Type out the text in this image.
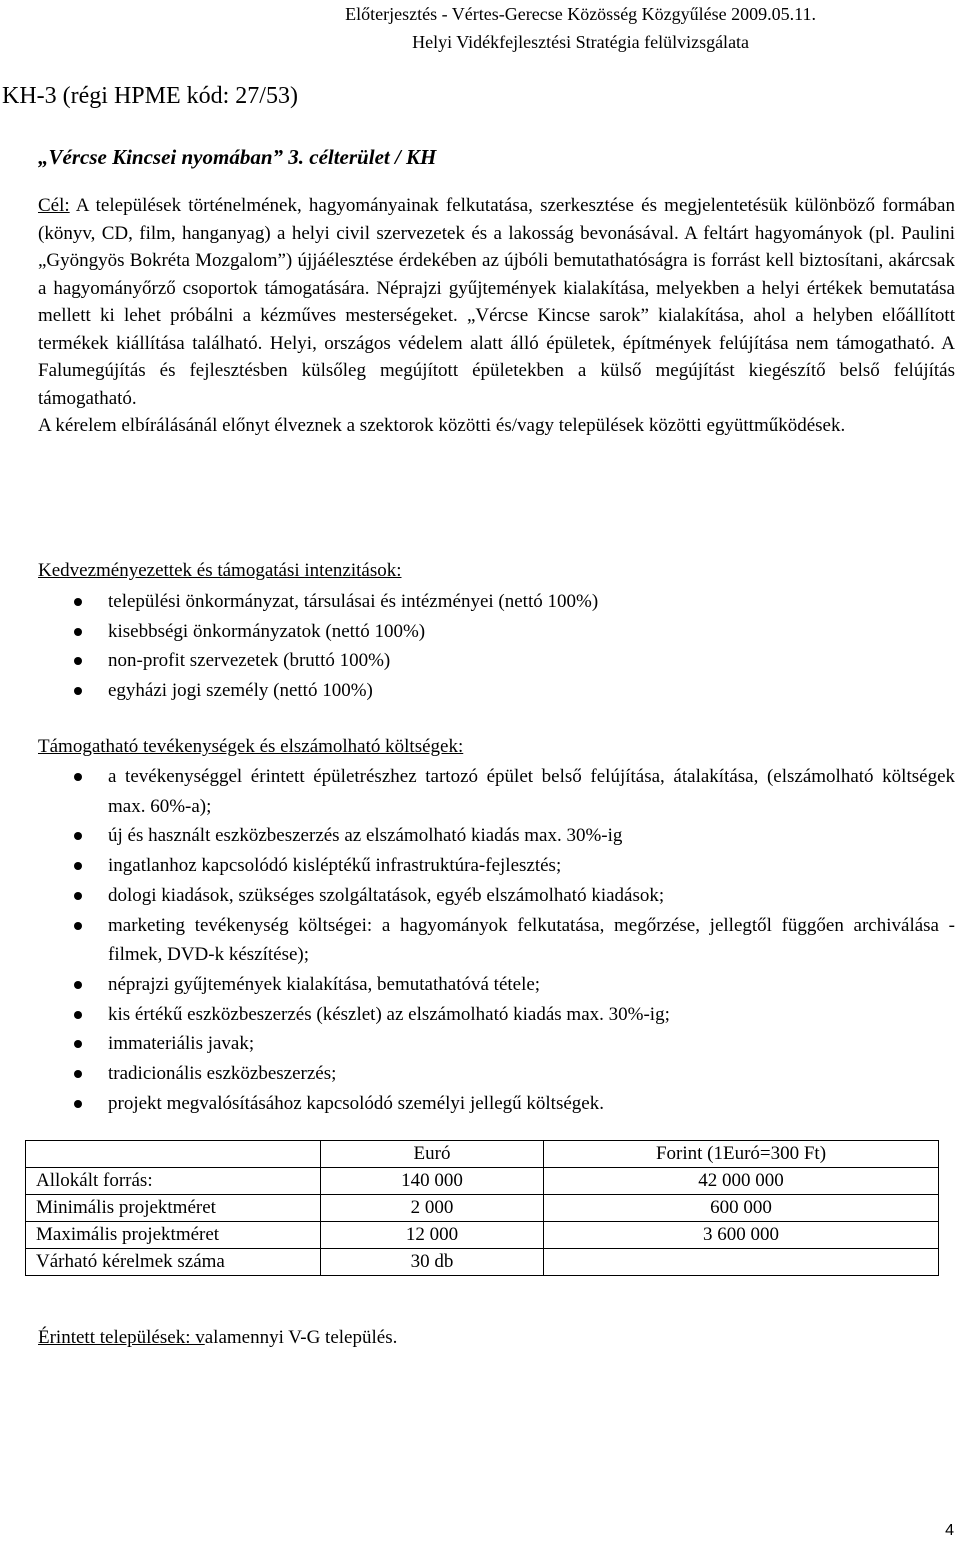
Előterjesztés - Vértes-Gerecse Közösség Közgyűlése 2009.05.11.
Helyi Vidékfejlesztési Stratégia felülvizsgálata
KH-3 (régi HPME kód: 27/53)
„Vércse Kincsei nyomában” 3. célterület / KH

Cél: A települések történelmének, hagyományainak felkutatása, szerkesztése és megjelentetésük különböző formában (könyv, CD, film, hanganyag) a helyi civil szervezetek és a lakosság bevonásával. A feltárt hagyományok (pl. Paulini „Gyöngyös Bokréta Mozgalom”) újjáélesztése érdekében az újbóli bemutathatóságra is forrást kell biztosítani, akárcsak a hagyományőrző csoportok támogatására. Néprajzi gyűjtemények kialakítása, melyekben a helyi értékek bemutatása mellett ki lehet próbálni a kézműves mesterségeket. „Vércse Kincse sarok” kialakítása, ahol a helyben előállított termékek kiállítása található. Helyi, országos védelem alatt álló épületek, építmények felújítása nem támogatható. A Falumegújítás és fejlesztésben külsőleg megújított épületekben a külső megújítást kiegészítő belső felújítás támogatható.

A kérelem elbírálásánál előnyt élveznek a szektorok közötti és/vagy települések közötti együttműködések.

Kedvezményezettek és támogatási intenzitások:
települési önkormányzat, társulásai és intézményei (nettó 100%)
kisebbségi önkormányzatok (nettó 100%)
non-profit szervezetek (bruttó 100%)
egyházi jogi személy (nettó 100%)
Támogatható tevékenységek és elszámolható költségek:
a tevékenységgel érintett épületrészhez tartozó épület belső felújítása, átalakítása, (elszámolható költségek max. 60%-a);
új és használt eszközbeszerzés az elszámolható kiadás max. 30%-ig
ingatlanhoz kapcsolódó kisléptékű infrastruktúra-fejlesztés;
dologi kiadások, szükséges szolgáltatások, egyéb elszámolható kiadások;
marketing tevékenység költségei: a hagyományok felkutatása, megőrzése, jellegtől függően archiválása - filmek, DVD-k készítése);
néprajzi gyűjtemények kialakítása, bemutathatóvá tétele;
kis értékű eszközbeszerzés (készlet) az elszámolható kiadás max. 30%-ig;
immateriális javak;
tradicionális eszközbeszerzés;
projekt megvalósításához kapcsolódó személyi jellegű költségek.
	Euró	Forint (1Euró=300 Ft)
Allokált forrás:	140 000	42 000 000
Minimális projektméret	2 000	600 000
Maximális projektméret	12 000	3 600 000
Várható kérelmek száma	30 db	
Érintett települések: valamennyi V-G település.
4
